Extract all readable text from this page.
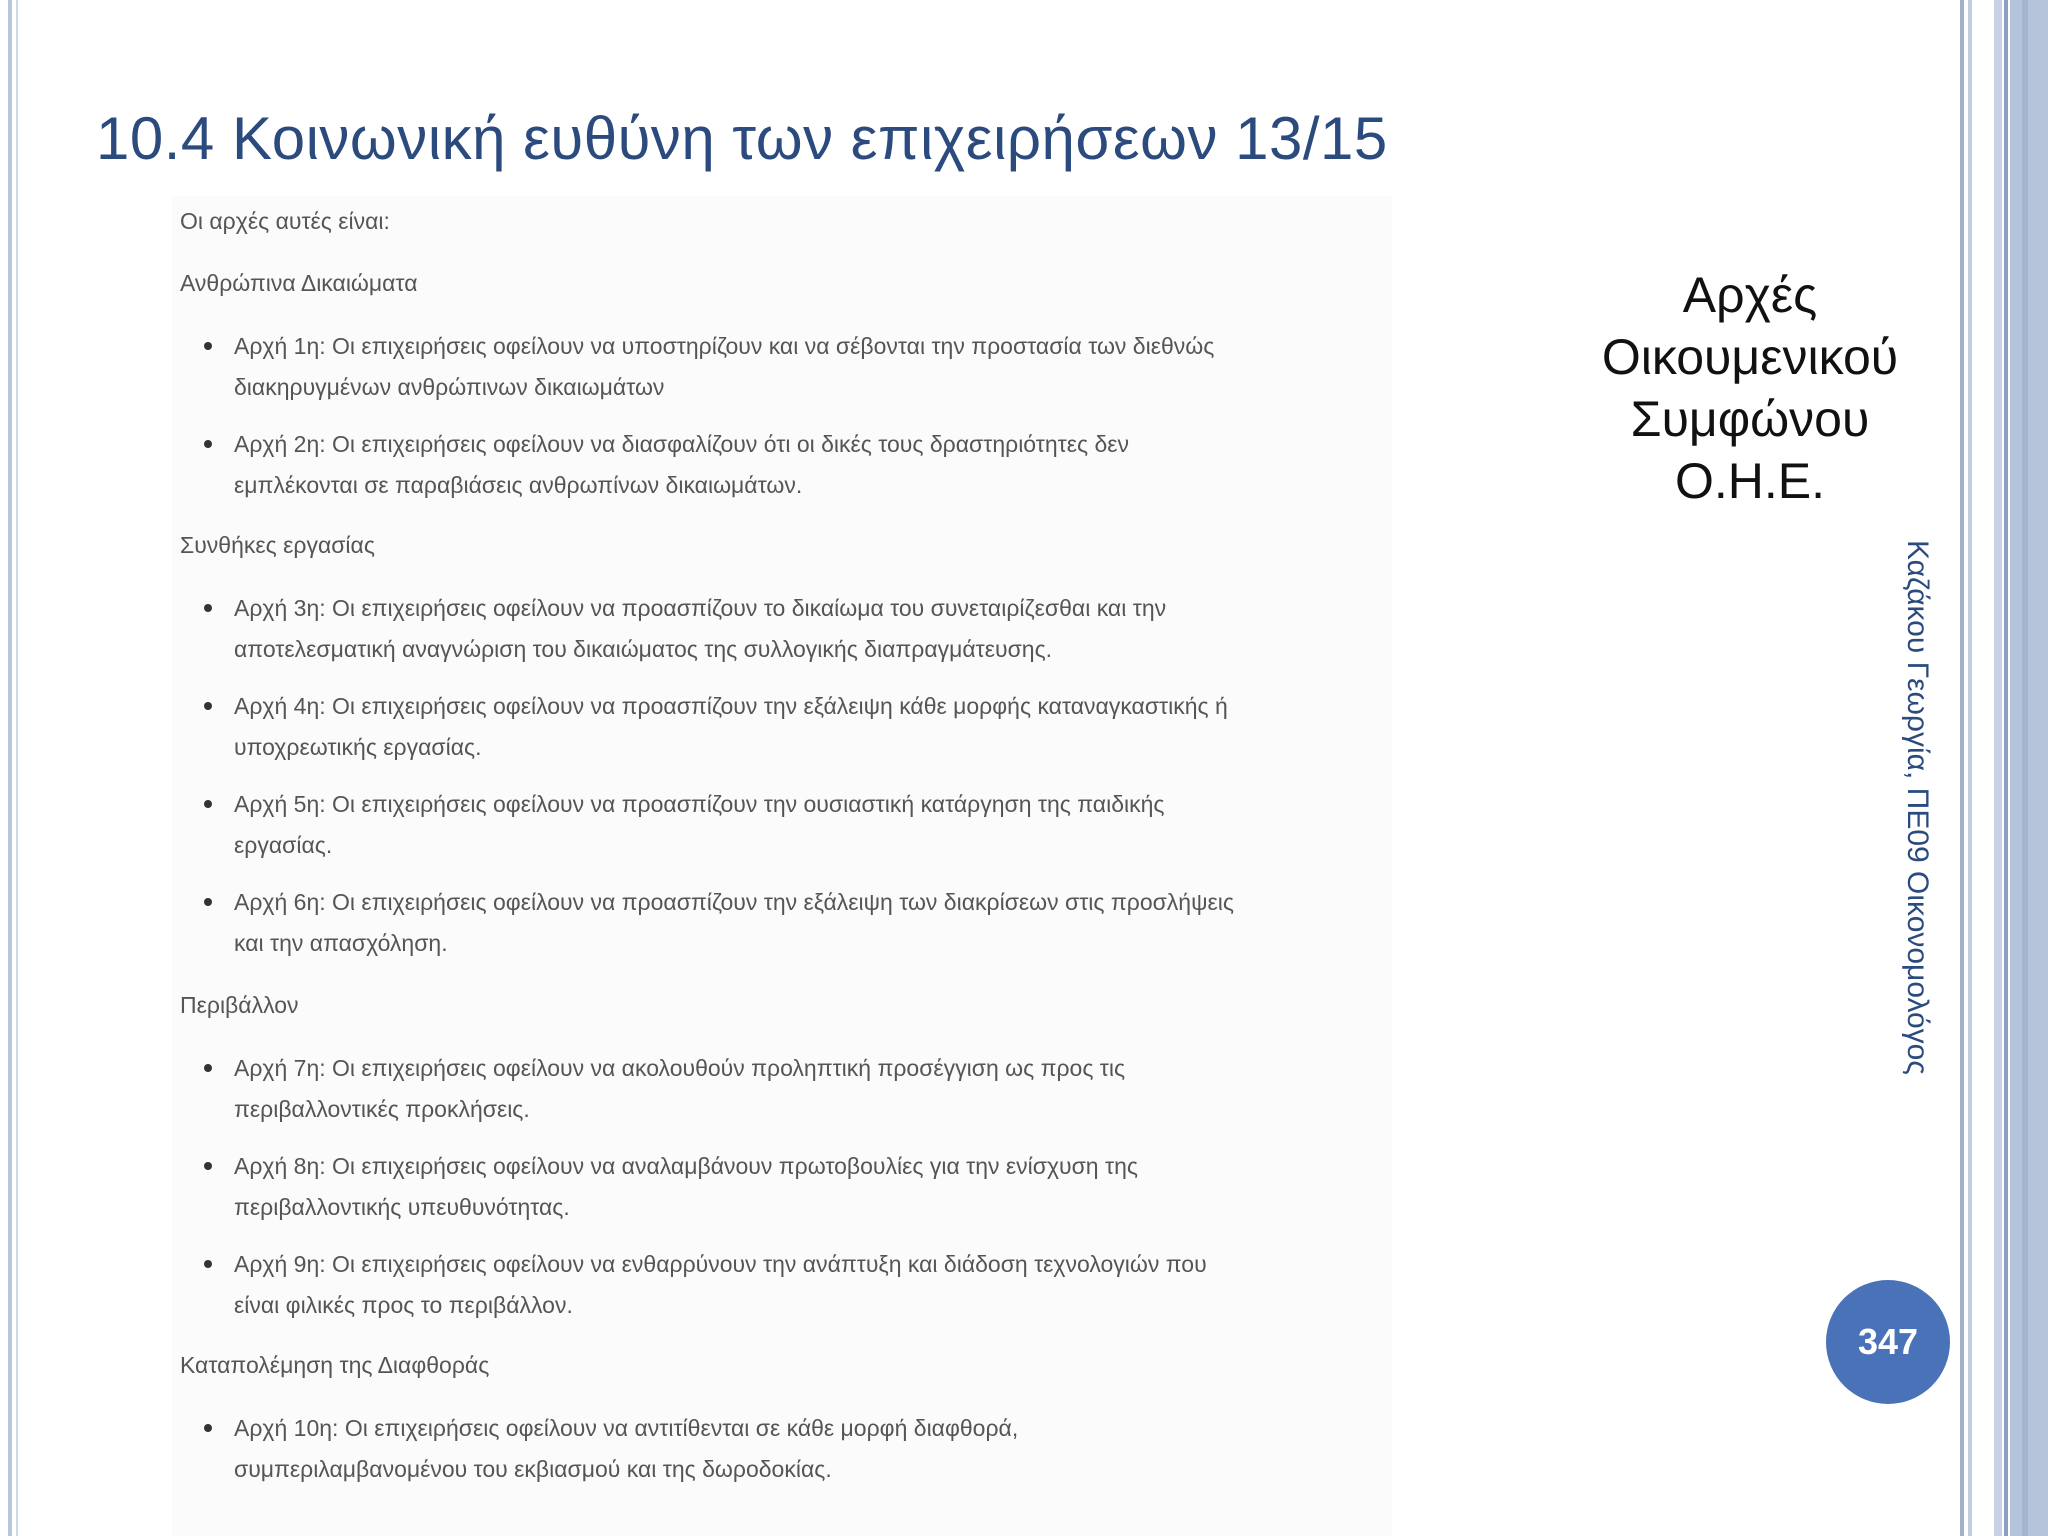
10.4 Κοινωνική ευθύνη των επιχειρήσεων 13/15
Οι αρχές αυτές είναι:
Ανθρώπινα Δικαιώματα
Αρχή 1η: Οι επιχειρήσεις οφείλουν να υποστηρίζουν και να σέβονται την προστασία των διεθνώς
διακηρυγμένων ανθρώπινων δικαιωμάτων
Αρχή 2η: Οι επιχειρήσεις οφείλουν να διασφαλίζουν ότι οι δικές τους δραστηριότητες δεν
εμπλέκονται σε παραβιάσεις ανθρωπίνων δικαιωμάτων.
Συνθήκες εργασίας
Αρχή 3η: Οι επιχειρήσεις οφείλουν να προασπίζουν το δικαίωμα του συνεταιρίζεσθαι και την
αποτελεσματική αναγνώριση του δικαιώματος της συλλογικής διαπραγμάτευσης.
Αρχή 4η: Οι επιχειρήσεις οφείλουν να προασπίζουν την εξάλειψη κάθε μορφής καταναγκαστικής ή
υποχρεωτικής εργασίας.
Αρχή 5η: Οι επιχειρήσεις οφείλουν να προασπίζουν την ουσιαστική κατάργηση της παιδικής
εργασίας.
Αρχή 6η: Οι επιχειρήσεις οφείλουν να προασπίζουν την εξάλειψη των διακρίσεων στις προσλήψεις
και την απασχόληση.
Περιβάλλον
Αρχή 7η: Οι επιχειρήσεις οφείλουν να ακολουθούν προληπτική προσέγγιση ως προς τις
περιβαλλοντικές προκλήσεις.
Αρχή 8η: Οι επιχειρήσεις οφείλουν να αναλαμβάνουν πρωτοβουλίες για την ενίσχυση της
περιβαλλοντικής υπευθυνότητας.
Αρχή 9η: Οι επιχειρήσεις οφείλουν να ενθαρρύνουν την ανάπτυξη και διάδοση τεχνολογιών που
είναι φιλικές προς το περιβάλλον.
Καταπολέμηση της Διαφθοράς
Αρχή 10η: Οι επιχειρήσεις οφείλουν να αντιτίθενται σε κάθε μορφή διαφθορά,
συμπεριλαμβανομένου του εκβιασμού και της δωροδοκίας.
Αρχές
Οικουμενικού
Συμφώνου
Ο.Η.Ε.
Καζάκου Γεωργία, ΠΕ09 Οικονομολόγος
347
